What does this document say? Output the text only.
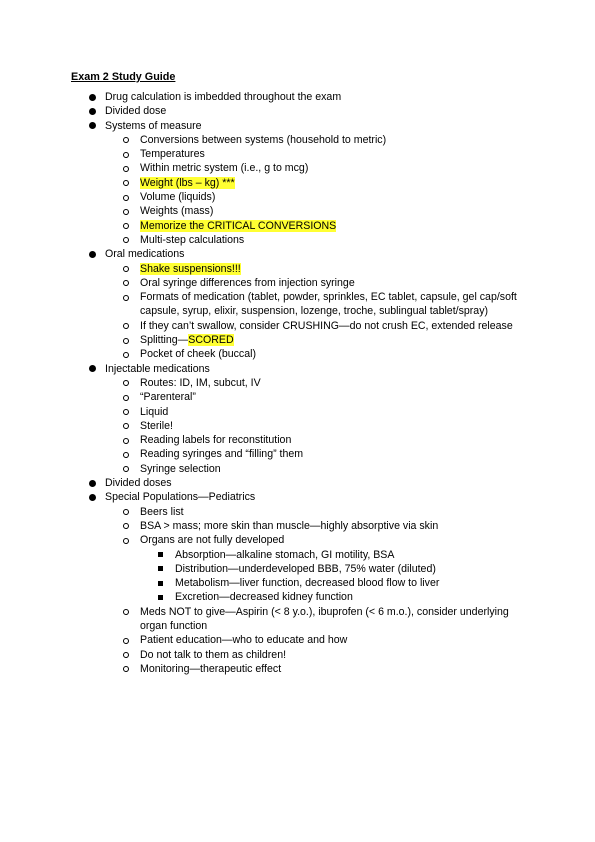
Exam 2 Study Guide
Drug calculation is imbedded throughout the exam
Divided dose
Systems of measure
Conversions between systems (household to metric)
Temperatures
Within metric system (i.e., g to mcg)
Weight (lbs – kg) ***
Volume (liquids)
Weights (mass)
Memorize the CRITICAL CONVERSIONS
Multi-step calculations
Oral medications
Shake suspensions!!!
Oral syringe differences from injection syringe
Formats of medication (tablet, powder, sprinkles, EC tablet, capsule, gel cap/soft capsule, syrup, elixir, suspension, lozenge, troche, sublingual tablet/spray)
If they can’t swallow, consider CRUSHING—do not crush EC, extended release
Splitting—SCORED
Pocket of cheek (buccal)
Injectable medications
Routes: ID, IM, subcut, IV
“Parenteral”
Liquid
Sterile!
Reading labels for reconstitution
Reading syringes and “filling” them
Syringe selection
Divided doses
Special Populations—Pediatrics
Beers list
BSA > mass; more skin than muscle—highly absorptive via skin
Organs are not fully developed
Absorption—alkaline stomach, GI motility, BSA
Distribution—underdeveloped BBB, 75% water (diluted)
Metabolism—liver function, decreased blood flow to liver
Excretion—decreased kidney function
Meds NOT to give—Aspirin (< 8 y.o.), ibuprofen (< 6 m.o.), consider underlying organ function
Patient education—who to educate and how
Do not talk to them as children!
Monitoring—therapeutic effect
